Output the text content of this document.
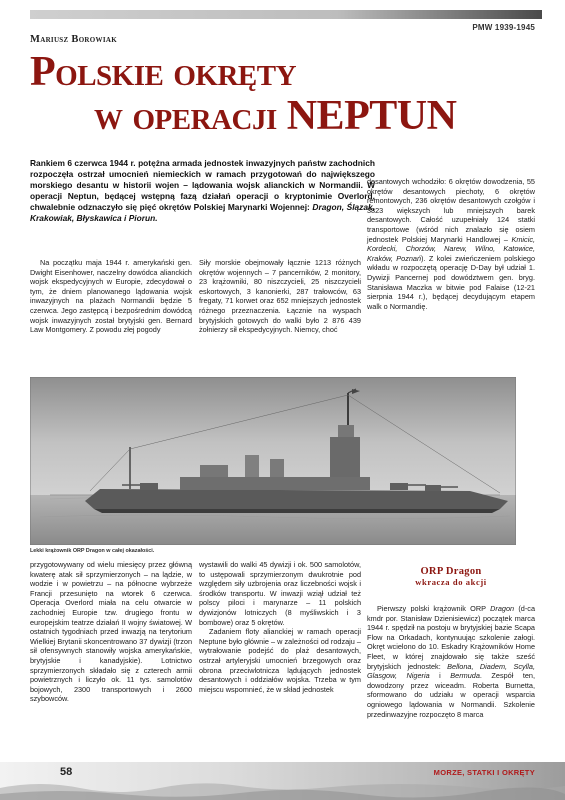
PMW 1939-1945
Mariusz Borowiak
Polskie okręty
w operacji NEPTUN
Rankiem 6 czerwca 1944 r. potężna armada jednostek inwazyjnych państw zachodnich rozpoczęła ostrzał umocnień niemieckich w ramach przygotowań do największego morskiego desantu w historii wojen – lądowania wojsk alianckich w Normandii. W operacji Neptun, będącej wstępną fazą działań operacji o kryptonimie Overlord, chwalebnie odznaczyło się pięć okrętów Polskiej Marynarki Wojennej: Dragon, Ślązak, Krakowiak, Błyskawica i Piorun.

Na początku maja 1944 r. amerykański gen. Dwight Eisenhower, naczelny dowódca alianckich wojsk ekspedycyjnych w Europie, zdecydował o tym, że dniem planowanego lądowania wojsk inwazyjnych na plażach Normandii będzie 5 czerwca. Jego zastępcą i bezpośrednim dowódcą wojsk inwazyjnych został brytyjski gen. Bernard Law Montgomery. Z powodu złej pogody

Siły morskie obejmowały łącznie 1213 różnych okrętów wojennych – 7 pancerników, 2 monitory, 23 krążowniki, 80 niszczycieli, 25 niszczycieli eskortowych, 3 kanonierki, 287 trałowców, 63 fregaty, 71 korwet oraz 652 mniejszych jednostek różnego przeznaczenia. Łącznie na wyspach brytyjskich gotowych do walki było 2 876 439 żołnierzy sił ekspedycyjnych. Niemcy, choć

desantowych wchodziło: 6 okrętów dowodzenia, 55 okrętów desantowych piechoty, 6 okrętów remontowych, 236 okrętów desantowych czołgów i 3823 większych lub mniejszych barek desantowych. Całość uzupełniały 124 statki transportowe (wśród nich znalazło się osiem jednostek Polskiej Marynarki Handlowej – Kmicic, Kordecki, Chorzów, Narew, Wilno, Katowice, Kraków, Poznań). Z kolei zwieńczeniem polskiego wkładu w rozpoczętą operację D-Day był udział 1. Dywizji Pancernej pod dowództwem gen. bryg. Stanisława Maczka w bitwie pod Falaise (12-21 sierpnia 1944 r.), będącej decydującym etapem walk o Normandię.

Lekki krążownik ORP Dragon w całej okazałości.

przygotowywany od wielu miesięcy przez główną kwaterę atak sił sprzymierzonych – na lądzie, w wodzie i w powietrzu – na północne wybrzeże Francji przesunięto na wtorek 6 czerwca. Operacja Overlord miała na celu otwarcie w zachodniej Europie tzw. drugiego frontu w europejskim teatrze działań II wojny światowej. W ostatnich tygodniach przed inwazją na terytorium Wielkiej Brytanii skoncentrowano 37 dywizji (trzon sił ofensywnych stanowiły wojska amerykańskie, brytyjskie i kanadyjskie). Lotnictwo sprzymierzonych składało się z czterech armii powietrznych i liczyło ok. 11 tys. samolotów bojowych, 2300 transportowych i 2600 szybowców.

wystawili do walki 45 dywizji i ok. 500 samolotów, to ustępowali sprzymierzonym dwukrotnie pod względem siły uzbrojenia oraz liczebności wojsk i środków transportu. W inwazji wziął udział też polscy piloci i marynarze – 11 polskich dywizjonów lotniczych (8 myśliwskich i 3 bombowe) oraz 5 okrętów.

Zadaniem floty alianckiej w ramach operacji Neptune było głównie – w zależności od rodzaju – wytrałowanie podejść do plaż desantowych, ostrzał artyleryjski umocnień brzegowych oraz obrona przeciwlotnicza lądujących jednostek desantowych i oddziałów wojska. Trzeba w tym miejscu wspomnieć, że w skład jednostek

ORP Dragon
wkracza do akcji

Pierwszy polski krążownik ORP Dragon (d-ca kmdr por. Stanisław Dzienisiewicz) początek marca 1944 r. spędził na postoju w brytyjskiej bazie Scapa Flow na Orkadach, kontynuując szkolenie załogi. Okręt wcielono do 10. Eskadry Krążowników Home Fleet, w której znajdowało się także sześć brytyjskich jednostek: Bellona, Diadem, Scylla, Glasgow, Nigeria i Bermuda. Zespół ten, dowodzony przez wiceadm. Roberta Burnetta, sformowano do udziału w operacji wsparcia ogniowego lądowania w Normandii. Szkolenie przedinwazyjne rozpoczęto 8 marca

58	MORZE, STATKI I OKRĘTY
